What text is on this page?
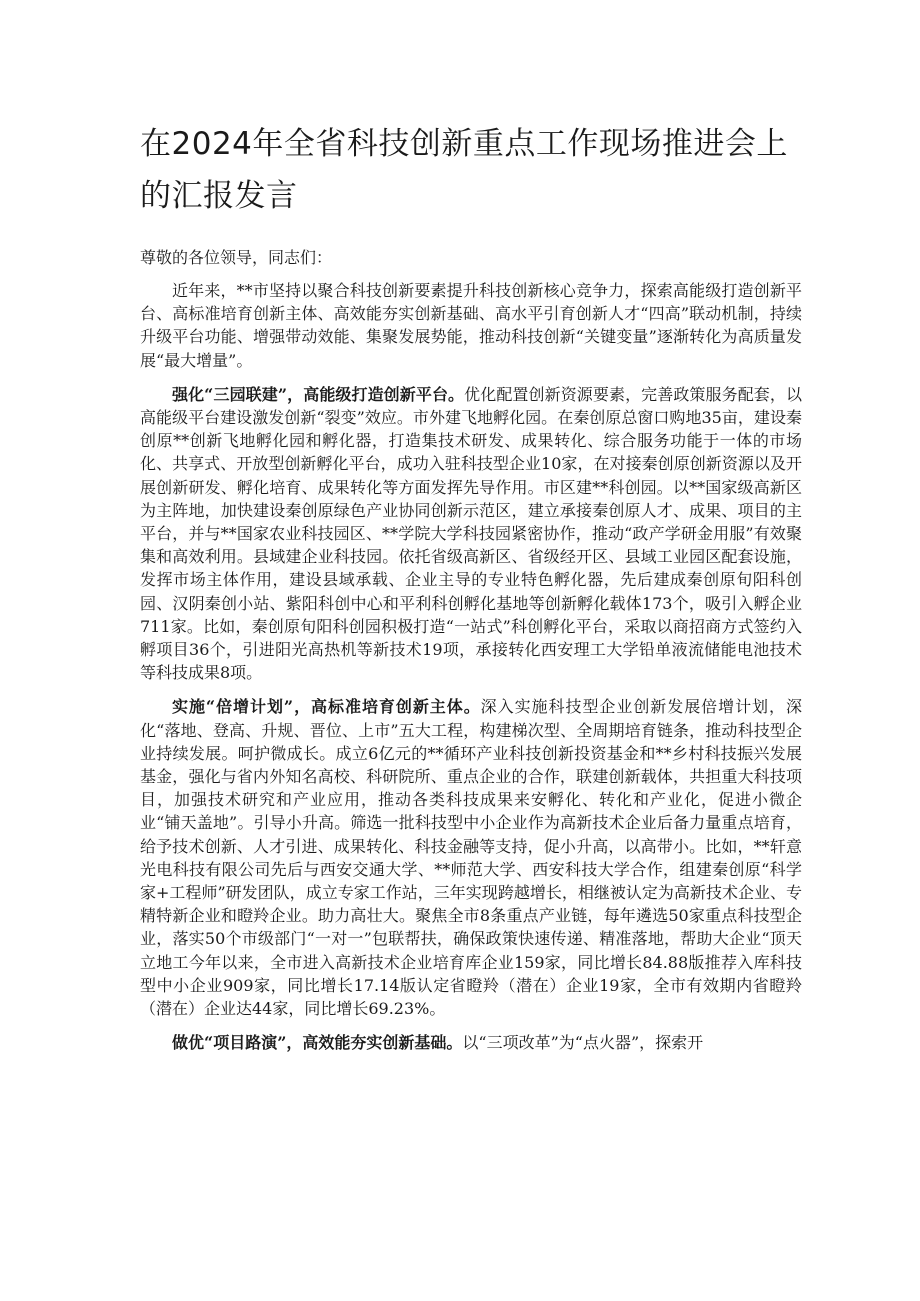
在2024年全省科技创新重点工作现场推进会上的汇报发言
尊敬的各位领导，同志们：

近年来，**市坚持以聚合科技创新要素提升科技创新核心竞争力，探索高能级打造创新平台、高标准培育创新主体、高效能夯实创新基础、高水平引育创新人才“四高”联动机制，持续升级平台功能、增强带动效能、集聚发展势能，推动科技创新“关键变量”逐渐转化为高质量发展“最大增量”。

强化“三园联建”，高能级打造创新平台。优化配置创新资源要素，完善政策服务配套，以高能级平台建设激发创新“裂变”效应。市外建飞地孵化园。在秦创原总窗口购地35亩，建设秦创原**创新飞地孵化园和孵化器，打造集技术研发、成果转化、综合服务功能于一体的市场化、共享式、开放型创新孵化平台，成功入驻科技型企业10家，在对接秦创原创新资源以及开展创新研发、孵化培育、成果转化等方面发挥先导作用。市区建**科创园。以**国家级高新区为主阵地，加快建设秦创原绿色产业协同创新示范区，建立承接秦创原人才、成果、项目的主平台，并与**国家农业科技园区、**学院大学科技园紧密协作，推动“政产学研金用服”有效聚集和高效利用。县域建企业科技园。依托省级高新区、省级经开区、县域工业园区配套设施，发挥市场主体作用，建设县域承载、企业主导的专业特色孵化器，先后建成秦创原旬阳科创园、汉阴秦创小站、紫阳科创中心和平利科创孵化基地等创新孵化载体173个，吸引入孵企业711家。比如，秦创原旬阳科创园积极打造“一站式”科创孵化平台，采取以商招商方式签约入孵项目36个，引进阳光高热机等新技术19项，承接转化西安理工大学铅单液流储能电池技术等科技成果8项。

实施“倍增计划”，高标准培育创新主体。深入实施科技型企业创新发展倍增计划，深化“落地、登高、升规、晋位、上市”五大工程，构建梯次型、全周期培育链条，推动科技型企业持续发展。呵护微成长。成立6亿元的**循环产业科技创新投资基金和**乡村科技振兴发展基金，强化与省内外知名高校、科研院所、重点企业的合作，联建创新载体，共担重大科技项目，加强技术研究和产业应用，推动各类科技成果来安孵化、转化和产业化，促进小微企业“铺天盖地”。引导小升高。筛选一批科技型中小企业作为高新技术企业后备力量重点培育，给予技术创新、人才引进、成果转化、科技金融等支持，促小升高，以高带小。比如，**轩意光电科技有限公司先后与西安交通大学、**师范大学、西安科技大学合作，组建秦创原“科学家+工程师”研发团队，成立专家工作站，三年实现跨越增长，相继被认定为高新技术企业、专精特新企业和瞪羚企业。助力高壮大。聚焦全市8条重点产业链，每年遴选50家重点科技型企业，落实50个市级部门“一对一”包联帮扶，确保政策快速传递、精准落地，帮助大企业“顶天立地工今年以来，全市进入高新技术企业培育库企业159家，同比增长84.88版推荐入库科技型中小企业909家，同比增长17.14版认定省瞪羚（潜在）企业19家，全市有效期内省瞪羚（潜在）企业达44家，同比增长69.23%。

做优“项目路演”，高效能夯实创新基础。以“三项改革”为“点火器”，探索开
